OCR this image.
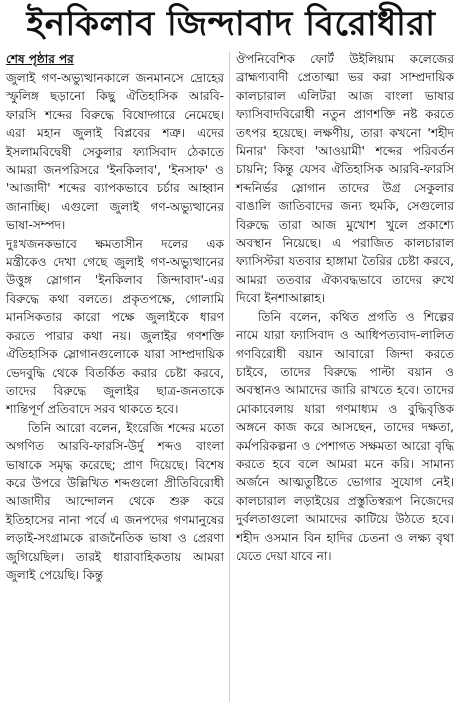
ইনকিলাব জিন্দাবাদ বিরোধীরা
শেষ পৃষ্ঠার পর

জুলাই গণ-অভ্যুত্থানকালে জনমানসে দ্রোহের স্ফুলিঙ্গ ছড়ানো কিছু ঐতিহাসিক আরবি-ফারসি শব্দের বিরুদ্ধে বিষোদ্গারে নেমেছে। এরা মহান জুলাই বিপ্লবের শত্রু। এদের ইসলামবিদ্বেষী সেকুলার ফ্যাসিবাদ ঠেকাতে আমরা জনপরিসরে 'ইনকিলাব', 'ইনসাফ' ও 'আজাদী' শব্দের ব্যাপকভাবে চর্চার আহ্বান জানাচ্ছি। এগুলো জুলাই গণ-অভ্যুত্থানের ভাষা-সম্পদ।

দুঃখজনকভাবে ক্ষমতাসীন দলের এক মন্ত্রীকেও দেখা গেছে জুলাই গণ-অভ্যুত্থানের উত্তুঙ্গ স্লোগান 'ইনকিলাব জিন্দাবাদ'-এর বিরুদ্ধে কথা বলতে। প্রকৃতপক্ষে, গোলামি মানসিকতার কারো পক্ষে জুলাইকে ধারণ করতে পারার কথা নয়। জুলাইর গণশক্তি ঐতিহাসিক স্লোগানগুলোকে যারা সাম্প্রদায়িক ভেদবুদ্ধি থেকে বিতর্কিত করার চেষ্টা করবে, তাদের বিরুদ্ধে জুলাইর ছাত্র-জনতাকে শান্তিপূর্ণ প্রতিবাদে সরব থাকতে হবে।

তিনি আরো বলেন, ইংরেজি শব্দের মতো অগণিত আরবি-ফারসি-উর্দু শব্দও বাংলা ভাষাকে সমৃদ্ধ করেছে; প্রাণ দিয়েছে। বিশেষ করে উপরে উল্লিখিত শব্দগুলো প্রীতিবিরোধী আজাদীর আন্দোলন থেকে শুরু করে ইতিহাসের নানা পর্বে এ জনপদের গণমানুষের লড়াই-সংগ্রামকে রাজনৈতিক ভাষা ও প্রেরণা জুগিয়েছিল। তারই ধারাবাহিকতায় আমরা জুলাই পেয়েছি। কিন্তু

ঔপনিবেশিক ফোর্ট উইলিয়াম কলেজের ব্রাহ্মণ্যবাদী প্রেতাত্মা ভর করা সাম্প্রদায়িক কালচারাল এলিটরা আজ বাংলা ভাষার ফ্যাসিবাদবিরোধী নতুন প্রাণশক্তি নষ্ট করতে তৎপর হয়েছে। লক্ষণীয়, তারা কখনো 'শহীদ মিনার' কিংবা 'আওয়ামী' শব্দের পরিবর্তন চায়নি; কিন্তু যেসব ঐতিহাসিক আরবি-ফারসি শব্দনির্ভর স্লোগান তাদের উগ্র সেকুলার বাঙালি জাতিবাদের জন্য হুমকি, সেগুলোর বিরুদ্ধে তারা আজ মুখোশ খুলে প্রকাশ্যে অবস্থান নিয়েছে। এ পরাজিত কালচারাল ফ্যাসিস্টরা যতবার হাঙ্গামা তৈরির চেষ্টা করবে, আমরা ততবার ঐক্যবদ্ধভাবে তাদের রুখে দিবো ইনশাআল্লাহ।

তিনি বলেন, কথিত প্রগতি ও শিল্পের নামে যারা ফ্যাসিবাদ ও আধিপত্যবাদ-লালিত গণবিরোধী বয়ান আবারো জিন্দা করতে চাইবে, তাদের বিরুদ্ধে পাল্টা বয়ান ও অবস্থানও আমাদের জারি রাখতে হবে। তাদের মোকাবেলায় যারা গণমাধ্যম ও বুদ্ধিবৃত্তিক অঙ্গনে কাজ করে আসছেন, তাদের দক্ষতা, কর্মপরিকল্পনা ও পেশাগত সক্ষমতা আরো বৃদ্ধি করতে হবে বলে আমরা মনে করি। সামান্য অর্জনে আত্মতুষ্টিতে ভোগার সুযোগ নেই। কালচারাল লড়াইয়ের প্রস্তুতিস্বরূপ নিজেদের দুর্বলতাগুলো আমাদের কাটিয়ে উঠতে হবে। শহীদ ওসমান বিন হাদির চেতনা ও লক্ষ্য বৃথা যেতে দেয়া যাবে না।
